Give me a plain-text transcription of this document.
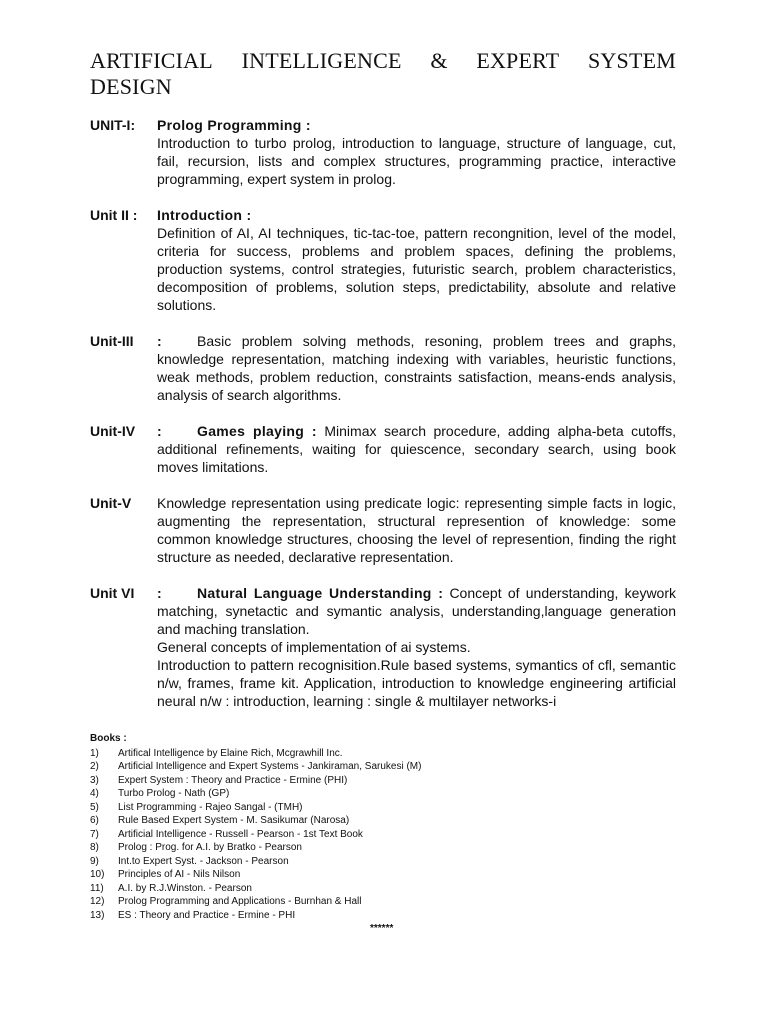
ARTIFICIAL INTELLIGENCE & EXPERT SYSTEM
DESIGN
UNIT-I:	Prolog Programming :

Introduction to turbo prolog, introduction to language, structure of language, cut, fail, recursion, lists and complex structures, programming practice, interactive programming, expert system in prolog.

Unit II :	Introduction :

Definition of AI, AI techniques, tic-tac-toe, pattern recongnition, level of the model, criteria for success, problems and problem spaces, defining the problems, production systems, control strategies, futuristic search, problem characteristics, decomposition of problems, solution steps, predictability, absolute and relative solutions.

Unit-III	:	Basic problem solving methods, resoning, problem trees and graphs, knowledge representation, matching indexing with variables, heuristic functions, weak methods, problem reduction, constraints satisfaction, means-ends analysis, analysis of search algorithms.

Unit-IV	:	Games playing : Minimax search procedure, adding alpha-beta cutoffs, additional refinements, waiting for quiescence, secondary search, using book moves limitations.

Unit-V	Knowledge representation using predicate logic: representing simple facts in logic, augmenting the representation, structural represention of knowledge: some common knowledge structures, choosing the level of represention, finding the right structure as needed, declarative representation.

Unit VI	:	Natural Language Understanding : Concept of understanding, keywork matching, synetactic and symantic analysis, understanding,language generation and maching translation.

General concepts of implementation of ai systems.

Introduction to pattern recognisition.Rule based systems, symantics of cfl, semantic n/w, frames, frame kit. Application, introduction to knowledge engineering artificial neural n/w : introduction, learning : single & multilayer networks-i

Books :
1)	Artifical Intelligence by Elaine Rich, Mcgrawhill Inc.
2)	Artificial Intelligence and Expert Systems - Jankiraman, Sarukesi (M)
3)	Expert System : Theory and Practice - Ermine (PHI)
4)	Turbo Prolog - Nath (GP)
5)	List Programming - Rajeo Sangal - (TMH)
6)	Rule Based Expert System - M. Sasikumar (Narosa)
7)	Artificial Intelligence - Russell - Pearson - 1st Text Book
8)	Prolog : Prog. for A.I. by Bratko - Pearson
9)	Int.to Expert Syst. - Jackson - Pearson
10)	Principles of AI - Nils Nilson
11)	A.I. by R.J.Winston. - Pearson
12)	Prolog Programming and Applications - Burnhan & Hall
13)	ES : Theory and Practice - Ermine - PHI
******
